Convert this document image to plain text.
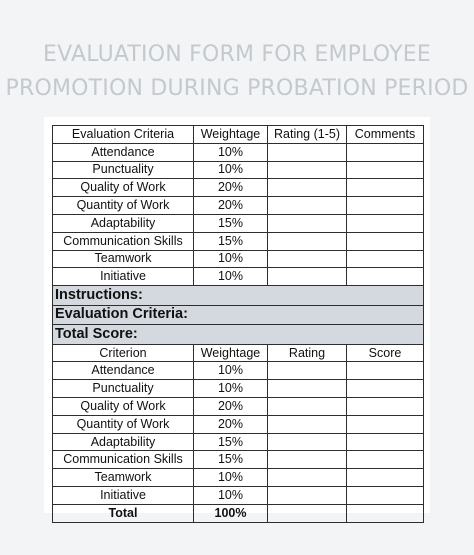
EVALUATION FORM FOR EMPLOYEE
PROMOTION DURING PROBATION PERIOD
Evaluation Criteria	Weightage	Rating (1-5)	Comments
Attendance	10%		
Punctuality	10%		
Quality of Work	20%		
Quantity of Work	20%		
Adaptability	15%		
Communication Skills	15%		
Teamwork	10%		
Initiative	10%		
Instructions:			
Evaluation Criteria:			
Total Score:			
Criterion	Weightage	Rating	Score
Attendance	10%		
Punctuality	10%		
Quality of Work	20%		
Quantity of Work	20%		
Adaptability	15%		
Communication Skills	15%		
Teamwork	10%		
Initiative	10%		
Total	100%		
